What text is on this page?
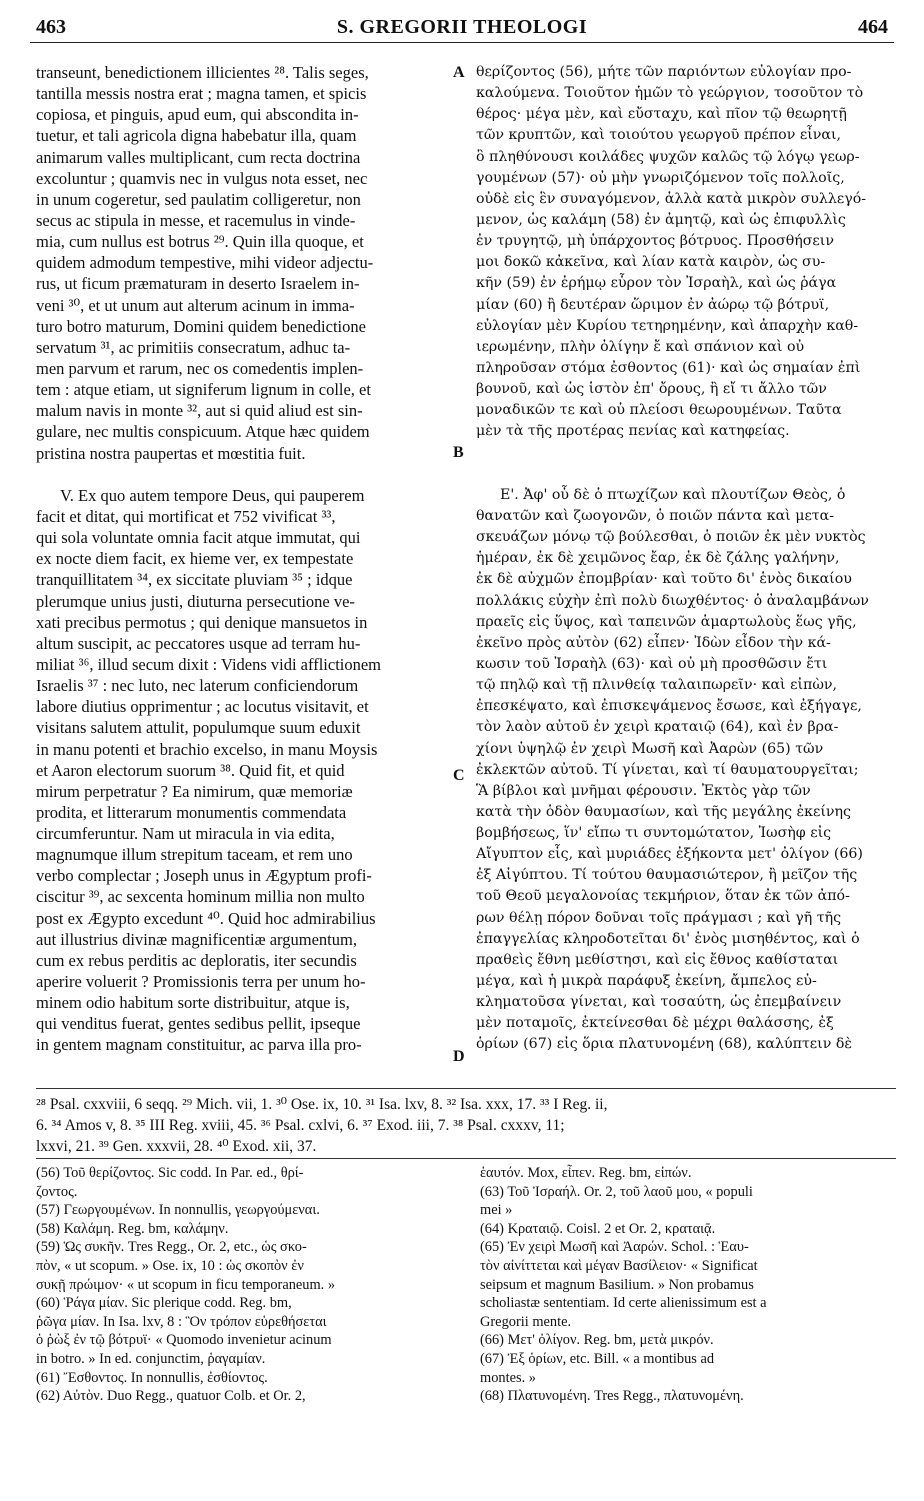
463	S. GREGORII THEOLOGI	464
transeunt, benedictionem illicientes ²⁸. Talis seges,
tantilla messis nostra erat ; magna tamen, et spicis
copiosa, et pinguis, apud eum, qui abscondita in-
tuetur, et tali agricola digna habebatur illa, quam
animarum valles multiplicant, cum recta doctrina
excoluntur ; quamvis nec in vulgus nota esset, nec
in unum cogeretur, sed paulatim colligeretur, non
secus ac stipula in messe, et racemulus in vinde-
mia, cum nullus est botrus ²⁹. Quin illa quoque, et
quidem admodum tempestive, mihi videor adjectu-
rus, ut ficum præmaturam in deserto Israelem in-
veni ³⁰, et ut unum aut alterum acinum in imma-
turo botro maturum, Domini quidem benedictione
servatum ³¹, ac primitiis consecratum, adhuc ta-
men parvum et rarum, nec os comedentis implen-
tem : atque etiam, ut signiferum lignum in colle, et
malum navis in monte ³², aut si quid aliud est sin-
gulare, nec multis conspicuum. Atque hæc quidem
pristina nostra paupertas et mœstitia fuit.
V. Ex quo autem tempore Deus, qui pauperem
facit et ditat, qui mortificat et 752 vivificat ³³,
qui sola voluntate omnia facit atque immutat, qui
ex nocte diem facit, ex hieme ver, ex tempestate
tranquillitatem ³⁴, ex siccitate pluviam ³⁵ ; idque
plerumque unius justi, diuturna persecutione ve-
xati precibus permotus ; qui denique mansuetos in
altum suscipit, ac peccatores usque ad terram hu-
miliat ³⁶, illud secum dixit : Videns vidi afflictionem
Israelis ³⁷ : nec luto, nec laterum conficiendorum
labore diutius opprimentur ; ac locutus visitavit, et
visitans salutem attulit, populumque suum eduxit
in manu potenti et brachio excelso, in manu Moysis
et Aaron electorum suorum ³⁸. Quid fit, et quid
mirum perpetratur ? Ea nimirum, quæ memoriæ
prodita, et litterarum monumentis commendata
circumferuntur. Nam ut miracula in via edita,
magnumque illum strepitum taceam, et rem uno
verbo complectar ; Joseph unus in Ægyptum profi-
ciscitur ³⁹, ac sexcenta hominum millia non multo
post ex Ægypto excedunt ⁴⁰. Quid hoc admirabilius
aut illustrius divinæ magnificentiæ argumentum,
cum ex rebus perditis ac deploratis, iter secundis
aperire voluerit ? Promissionis terra per unum ho-
minem odio habitum sorte distribuitur, atque is,
qui venditus fuerat, gentes sedibus pellit, ipseque
in gentem magnam constituitur, ac parva illa pro-
θερίζοντος (56), μήτε τῶν παριόντων εὐλογίαν προ-
καλούμενα. Τοιοῦτον ἡμῶν τὸ γεώργιον, τοσοῦτον τὸ
θέρος· μέγα μὲν, καὶ εὔσταχυ, καὶ πῖον τῷ θεωρητῇ
τῶν κρυπτῶν, καὶ τοιούτου γεωργοῦ πρέπον εἶναι,
ὃ πληθύνουσι κοιλάδες ψυχῶν καλῶς τῷ λόγῳ γεωρ-
γουμένων (57)· οὐ μὴν γνωριζόμενον τοῖς πολλοῖς,
οὐδὲ εἰς ἓν συναγόμενον, ἀλλὰ κατὰ μικρὸν συλλεγό-
μενον, ὡς καλάμη (58) ἐν ἀμητῷ, καὶ ὡς ἐπιφυλλὶς
ἐν τρυγητῷ, μὴ ὑπάρχοντος βότρυος. Προσθήσειν
μοι δοκῶ κἀκεῖνα, καὶ λίαν κατὰ καιρὸν, ὡς συ-
κῆν (59) ἐν ἐρήμῳ εὗρον τὸν Ἰσραὴλ, καὶ ὡς ῥάγα
μίαν (60) ἢ δευτέραν ὥριμον ἐν ἀώρῳ τῷ βότρυϊ,
εὐλογίαν μὲν Κυρίου τετηρημένην, καὶ ἀπαρχὴν καθ-
ιερωμένην, πλὴν ὀλίγην ἔ καὶ σπάνιον καὶ οὐ
πληροῦσαν στόμα ἐσθοντος (61)· καὶ ὡς σημαίαν ἐπὶ
βουνοῦ, καὶ ὡς ἱστὸν ἐπ' ὄρους, ἢ εἴ τι ἄλλο τῶν
μοναδικῶν τε καὶ οὐ πλείοσι θεωρουμένων. Ταῦτα
μὲν τὰ τῆς προτέρας πενίας καὶ κατηφείας.
Ε'. Ἀφ' οὗ δὲ ὁ πτωχίζων καὶ πλουτίζων Θεὸς, ὁ
θανατῶν καὶ ζωογονῶν, ὁ ποιῶν πάντα καὶ μετα-
σκευάζων μόνῳ τῷ βούλεσθαι, ὁ ποιῶν ἐκ μὲν νυκτὸς
ἡμέραν, ἐκ δὲ χειμῶνος ἔαρ, ἐκ δὲ ζάλης γαλήνην,
ἐκ δὲ αὐχμῶν ἐπομβρίαν· καὶ τοῦτο δι' ἑνὸς δικαίου
πολλάκις εὐχὴν ἐπὶ πολὺ διωχθέντος· ὁ ἀναλαμβάνων
πραεῖς εἰς ὕψος, καὶ ταπεινῶν ἁμαρτωλοὺς ἕως γῆς,
ἐκεῖνο πρὸς αὐτὸν (62) εἶπεν· Ἰδὼν εἶδον τὴν κά-
κωσιν τοῦ Ἰσραὴλ (63)· καὶ οὐ μὴ προσθῶσιν ἔτι
τῷ πηλῷ καὶ τῇ πλινθείᾳ ταλαιπωρεῖν· καὶ εἰπὼν,
ἐπεσκέψατο, καὶ ἐπισκεψάμενος ἔσωσε, καὶ ἐξήγαγε,
τὸν λαὸν αὐτοῦ ἐν χειρὶ κραταιῷ (64), καὶ ἐν βρα-
χίονι ὑψηλῷ ἐν χειρὶ Μωσῆ καὶ Ἀαρὼν (65) τῶν
ἐκλεκτῶν αὐτοῦ. Τί γίνεται, καὶ τί θαυματουργεῖται;
Ἃ βίβλοι καὶ μνῆμαι φέρουσιν. Ἐκτὸς γὰρ τῶν
κατὰ τὴν ὁδὸν θαυμασίων, καὶ τῆς μεγάλης ἐκείνης
βομβήσεως, ἵν' εἴπω τι συντομώτατον, Ἰωσὴφ εἰς
Αἴγυπτον εἷς, καὶ μυριάδες ἐξήκοντα μετ' ὀλίγον (66)
ἐξ Αἰγύπτου. Τί τούτου θαυμασιώτερον, ἢ μεῖζον τῆς
τοῦ Θεοῦ μεγαλονοίας τεκμήριον, ὅταν ἐκ τῶν ἀπό-
ρων θέλῃ πόρον δοῦναι τοῖς πράγμασι ; καὶ γῆ τῆς
ἐπαγγελίας κληροδοτεῖται δι' ἑνὸς μισηθέντος, καὶ ὁ
πραθεὶς ἔθνη μεθίστησι, καὶ εἰς ἔθνος καθίσταται
μέγα, καὶ ἡ μικρὰ παράφυξ ἐκείνη, ἄμπελος εὐ-
κληματοῦσα γίνεται, καὶ τοσαύτη, ὡς ἐπεμβαίνειν
μὲν ποταμοῖς, ἐκτείνεσθαι δὲ μέχρι θαλάσσης, ἐξ
ὁρίων (67) εἰς ὅρια πλατυνομένη (68), καλύπτειν δὲ
A
B
C
D
²⁸ Psal. cxxviii, 6 seqq. ²⁹ Mich. vii, 1. ³⁰ Ose. ix, 10. ³¹ Isa. lxv, 8. ³² Isa. xxx, 17. ³³ I Reg. ii,
6. ³⁴ Amos v, 8. ³⁵ III Reg. xviii, 45. ³⁶ Psal. cxlvi, 6. ³⁷ Exod. iii, 7. ³⁸ Psal. cxxxv, 11;
lxxvi, 21. ³⁹ Gen. xxxvii, 28. ⁴⁰ Exod. xii, 37.
(56) Τοῦ θερίζοντος. Sic codd. In Par. ed., θρί-
ζοντος.
(57) Γεωργουμένων. In nonnullis, γεωργούμεναι.
(58) Καλάμη. Reg. bm, καλάμην.
(59) Ὡς συκῆν. Tres Regg., Or. 2, etc., ὡς σκο-
πὸν, « ut scopum. » Ose. ix, 10 : ὡς σκοπὸν ἐν
συκῇ πρώιμον· « ut scopum in ficu temporaneum. »
(60) Ῥάγα μίαν. Sic plerique codd. Reg. bm,
ῥῶγα μίαν. In Isa. lxv, 8 : Ὃν τρόπον εὑρεθήσεται
ὁ ῥὼξ ἐν τῷ βότρυϊ· « Quomodo invenietur acinum
in botro. » In ed. conjunctim, ῥαγαμίαν.
(61) Ἔσθοντος. In nonnullis, ἐσθίοντος.
(62) Αὐτὸν. Duo Regg., quatuor Colb. et Or. 2,
ἑαυτόν. Mox, εἶπεν. Reg. bm, εἰπών.
(63) Τοῦ Ἰσραήλ. Or. 2, τοῦ λαοῦ μου, « populi
mei »
(64) Κραταιῷ. Coisl. 2 et Or. 2, κραταιᾷ.
(65) Ἐν χειρὶ Μωσῆ καὶ Ἀαρών. Schol. : Ἑαυ-
τὸν αἰνίττεται καὶ μέγαν Βασίλειον· « Significat
seipsum et magnum Basilium. » Non probamus
scholiastæ sententiam. Id certe alienissimum est a
Gregorii mente.
(66) Μετ' ὀλίγον. Reg. bm, μετὰ μικρόν.
(67) Ἐξ ὁρίων, etc. Bill. « a montibus ad
montes. »
(68) Πλατυνομένη. Tres Regg., πλατυνομένη.
